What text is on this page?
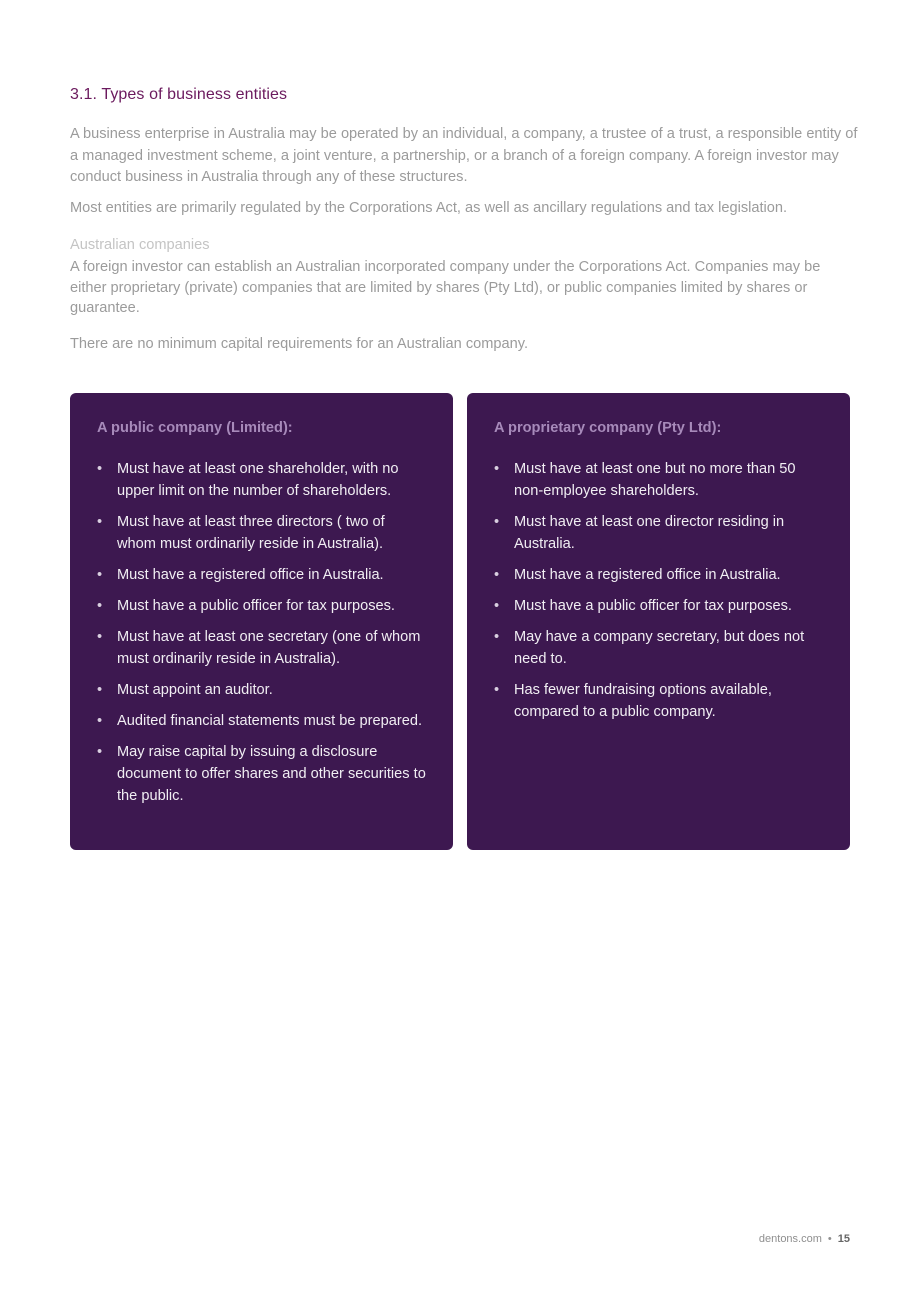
3.1. Types of business entities

A business enterprise in Australia may be operated by an individual, a company, a trustee of a trust, a responsible entity of a managed investment scheme, a joint venture, a partnership, or a branch of a foreign company. A foreign investor may conduct business in Australia through any of these structures.

Most entities are primarily regulated by the Corporations Act, as well as ancillary regulations and tax legislation.

Australian companies

A foreign investor can establish an Australian incorporated company under the Corporations Act. Companies may be either proprietary (private) companies that are limited by shares (Pty Ltd), or public companies limited by shares or guarantee.

There are no minimum capital requirements for an Australian company.

A public company (Limited):
•	Must have at least one shareholder, with no upper limit on the number of shareholders.
•	Must have at least three directors ( two of whom must ordinarily reside in Australia).
•	Must have a registered office in Australia.
•	Must have a public officer for tax purposes.
•	Must have at least one secretary (one of whom must ordinarily reside in Australia).
•	Must appoint an auditor.
•	Audited financial statements must be prepared.
•	May raise capital by issuing a disclosure document to offer shares and other securities to the public.
A proprietary company (Pty Ltd):
•	Must have at least one but no more than 50 non-employee shareholders.
•	Must have at least one director residing in Australia.
•	Must have a registered office in Australia.
•	Must have a public officer for tax purposes.
•	May have a company secretary, but does not need to.
•	Has fewer fundraising options available, compared to a public company.
dentons.com • 15
